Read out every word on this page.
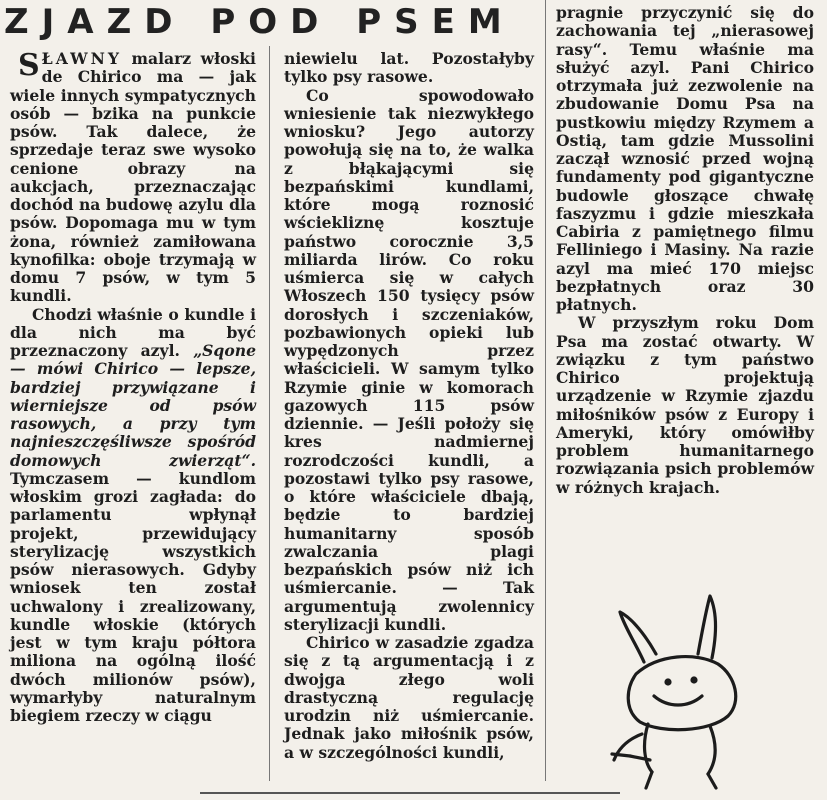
ZJAZD POD PSEM

SŁAWNY malarz włoski de Chirico ma — jak wiele innych sympatycznych osób — bzika na punkcie psów. Tak dalece, że sprzedaje teraz swe wysoko cenione obrazy na aukcjach, przeznaczając dochód na budowę azylu dla psów. Dopomaga mu w tym żona, również zamiłowana kynofilka: oboje trzymają w domu 7 psów, w tym 5 kundli.

Chodzi właśnie o kundle i dla nich ma być przeznaczony azyl. „Sqone — mówi Chirico — lepsze, bardziej przywiązane i wierniejsze od psów rasowych, a przy tym najnieszczęśliwsze spośród domowych zwierząt“. Tymczasem — kundlom włoskim grozi zagłada: do parlamentu wpłynął projekt, przewidujący sterylizację wszystkich psów nierasowych. Gdyby wniosek ten został uchwalony i zrealizowany, kundle włoskie (których jest w tym kraju półtora miliona na ogólną ilość dwóch milionów psów), wymarłyby naturalnym biegiem rzeczy w ciągu

niewielu lat. Pozostałyby tylko psy rasowe.

Co spowodowało wniesienie tak niezwykłego wniosku? Jego autorzy powołują się na to, że walka z błąkającymi się bezpańskimi kundlami, które mogą roznosić wściekliznę kosztuje państwo corocznie 3,5 miliarda lirów. Co roku uśmierca się w całych Włoszech 150 tysięcy psów dorosłych i szczeniaków, pozbawionych opieki lub wypędzonych przez właścicieli. W samym tylko Rzymie ginie w komorach gazowych 115 psów dziennie. — Jeśli położy się kres nadmiernej rozrodczości kundli, a pozostawi tylko psy rasowe, o które właściciele dbają, będzie to bardziej humanitarny sposób zwalczania plagi bezpańskich psów niż ich uśmiercanie. — Tak argumentują zwolennicy sterylizacji kundli.

Chirico w zasadzie zgadza się z tą argumentacją i z dwojga złego woli drastyczną regulację urodzin niż uśmiercanie. Jednak jako miłośnik psów, a w szczególności kundli,

pragnie przyczynić się do zachowania tej „nierasowej rasy“. Temu właśnie ma służyć azyl. Pani Chirico otrzymała już zezwolenie na zbudowanie Domu Psa na pustkowiu między Rzymem a Ostią, tam gdzie Mussolini zaczął wznosić przed wojną fundamenty pod gigantyczne budowle głoszące chwałę faszyzmu i gdzie mieszkała Cabiria z pamiętnego filmu Felliniego i Masiny. Na razie azyl ma mieć 170 miejsc bezpłatnych oraz 30 płatnych.

W przyszłym roku Dom Psa ma zostać otwarty. W związku z tym państwo Chirico projektują urządzenie w Rzymie zjazdu miłośników psów z Europy i Ameryki, który omówiłby problem humanitarnego rozwiązania psich problemów w różnych krajach.
